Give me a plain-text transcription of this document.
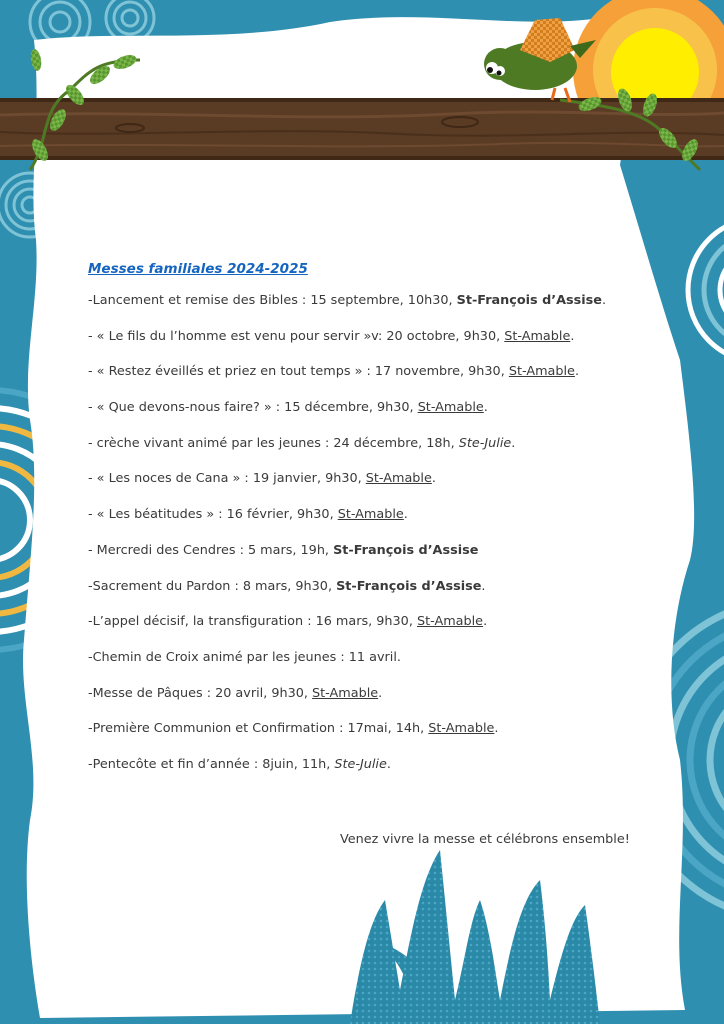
Messes familiales 2024-2025
-Lancement et remise des Bibles : 15 septembre, 10h30, St-François d’Assise.
- « Le fils du l’homme est venu pour servir »v: 20 octobre, 9h30, St-Amable.
- « Restez éveillés et priez en tout temps » : 17 novembre, 9h30, St-Amable.
- « Que devons-nous faire? » : 15 décembre, 9h30, St-Amable.
- crèche vivant animé par les jeunes : 24 décembre, 18h, Ste-Julie.
- « Les noces de Cana » : 19 janvier, 9h30, St-Amable.
- « Les béatitudes » : 16 février, 9h30, St-Amable.
- Mercredi des Cendres : 5 mars, 19h, St-François d’Assise
-Sacrement du Pardon : 8 mars, 9h30, St-François d’Assise.
-L’appel décisif, la transfiguration : 16 mars, 9h30, St-Amable.
-Chemin de Croix animé par les jeunes : 11 avril.
-Messe de Pâques : 20 avril, 9h30, St-Amable.
-Première Communion et Confirmation : 17mai, 14h, St-Amable.
-Pentecôte et fin d’année : 8juin, 11h, Ste-Julie.
Venez vivre la messe et célébrons ensemble!
